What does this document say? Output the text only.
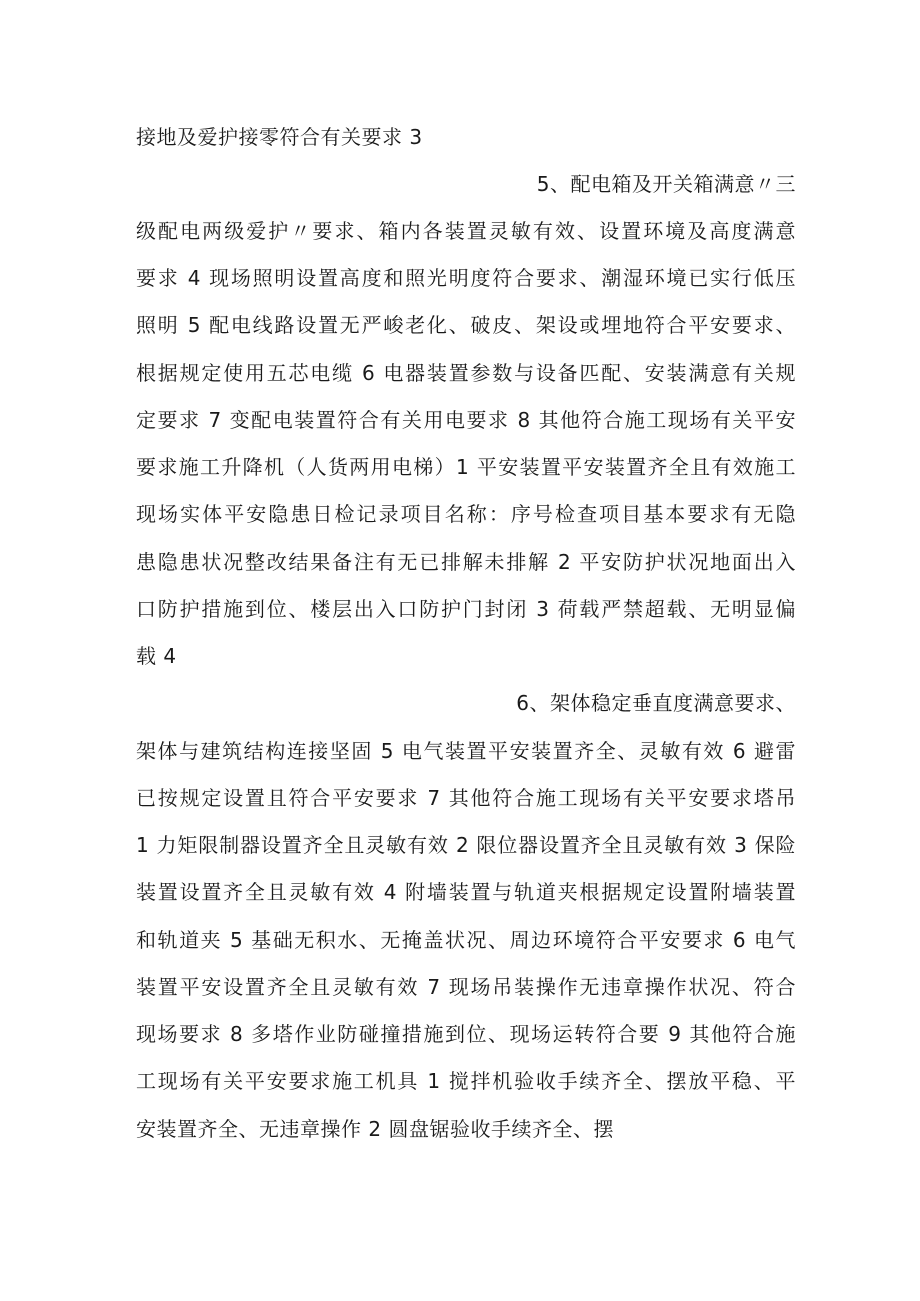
接地及爱护接零符合有关要求 3
5、配电箱及开关箱满意〃三
级配电两级爱护〃要求、箱内各装置灵敏有效、设置环境及高度满意
要求 4 现场照明设置高度和照光明度符合要求、潮湿环境已实行低压
照明 5 配电线路设置无严峻老化、破皮、架设或埋地符合平安要求、
根据规定使用五芯电缆 6 电器装置参数与设备匹配、安装满意有关规
定要求 7 变配电装置符合有关用电要求 8 其他符合施工现场有关平安
要求施工升降机（人货两用电梯）1 平安装置平安装置齐全且有效施工
现场实体平安隐患日检记录项目名称：序号检查项目基本要求有无隐
患隐患状况整改结果备注有无已排解未排解 2 平安防护状况地面出入
口防护措施到位、楼层出入口防护门封闭 3 荷载严禁超载、无明显偏
载 4
6、架体稳定垂直度满意要求、
架体与建筑结构连接坚固 5 电气装置平安装置齐全、灵敏有效 6 避雷
已按规定设置且符合平安要求 7 其他符合施工现场有关平安要求塔吊
1 力矩限制器设置齐全且灵敏有效 2 限位器设置齐全且灵敏有效 3 保险
装置设置齐全且灵敏有效 4 附墙装置与轨道夹根据规定设置附墙装置
和轨道夹 5 基础无积水、无掩盖状况、周边环境符合平安要求 6 电气
装置平安设置齐全且灵敏有效 7 现场吊装操作无违章操作状况、符合
现场要求 8 多塔作业防碰撞措施到位、现场运转符合要 9 其他符合施
工现场有关平安要求施工机具 1 搅拌机验收手续齐全、摆放平稳、平
安装置齐全、无违章操作 2 圆盘锯验收手续齐全、摆
